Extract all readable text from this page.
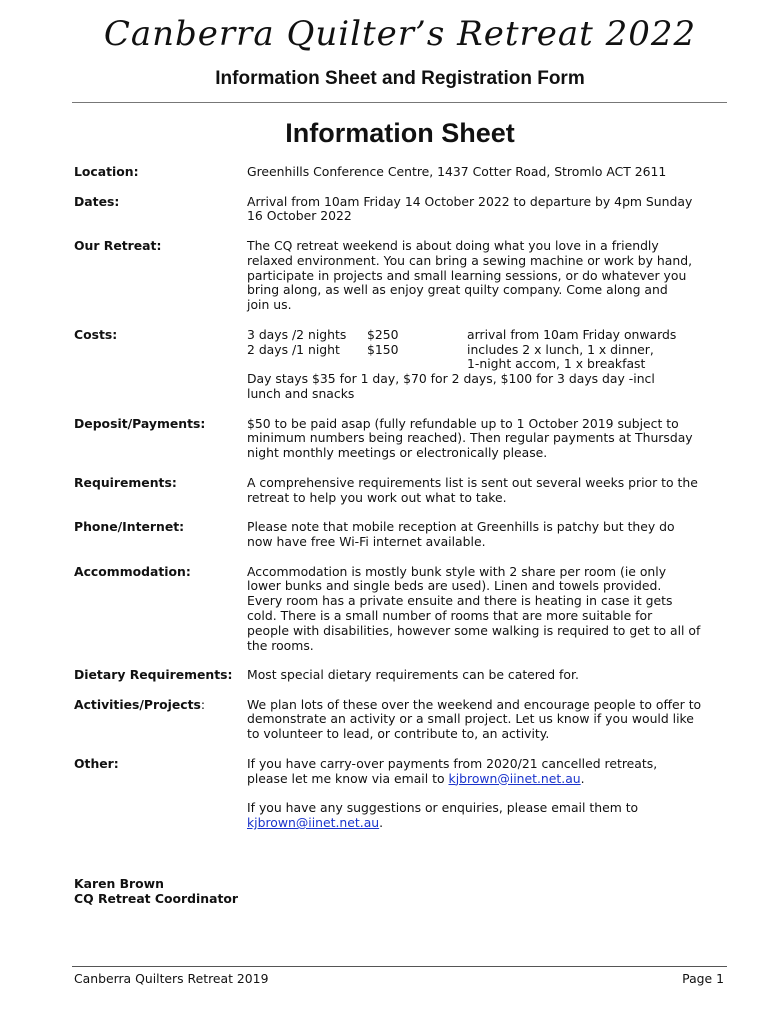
Canberra Quilter’s Retreat 2022
Information Sheet and Registration Form
Information Sheet
Location:	Greenhills Conference Centre, 1437 Cotter Road, Stromlo ACT 2611
Dates:	Arrival from 10am Friday 14 October 2022 to departure by 4pm Sunday
16 October 2022
Our Retreat:	The CQ retreat weekend is about doing what you love in a friendly
relaxed environment. You can bring a sewing machine or work by hand,
participate in projects and small learning sessions, or do whatever you
bring along, as well as enjoy great quilty company. Come along and
join us.
Costs:	3 days /2 nights	$250	arrival from 10am Friday onwards
2 days /1 night	$150	includes 2 x lunch, 1 x dinner,
1-night accom, 1 x breakfast
Day stays $35 for 1 day, $70 for 2 days, $100 for 3 days day -incl
lunch and snacks
Deposit/Payments:	$50 to be paid asap (fully refundable up to 1 October 2019 subject to
minimum numbers being reached). Then regular payments at Thursday
night monthly meetings or electronically please.
Requirements:	A comprehensive requirements list is sent out several weeks prior to the
retreat to help you work out what to take.
Phone/Internet:	Please note that mobile reception at Greenhills is patchy but they do
now have free Wi-Fi internet available.
Accommodation:	Accommodation is mostly bunk style with 2 share per room (ie only
lower bunks and single beds are used). Linen and towels provided.
Every room has a private ensuite and there is heating in case it gets
cold. There is a small number of rooms that are more suitable for
people with disabilities, however some walking is required to get to all of
the rooms.
Dietary Requirements:	Most special dietary requirements can be catered for.
Activities/Projects:	We plan lots of these over the weekend and encourage people to offer to
demonstrate an activity or a small project. Let us know if you would like
to volunteer to lead, or contribute to, an activity.
Other:	If you have carry-over payments from 2020/21 cancelled retreats,
please let me know via email to kjbrown@iinet.net.au.
If you have any suggestions or enquiries, please email them to
kjbrown@iinet.net.au.
Karen Brown
CQ Retreat Coordinator
Canberra Quilters Retreat 2019	Page 1
